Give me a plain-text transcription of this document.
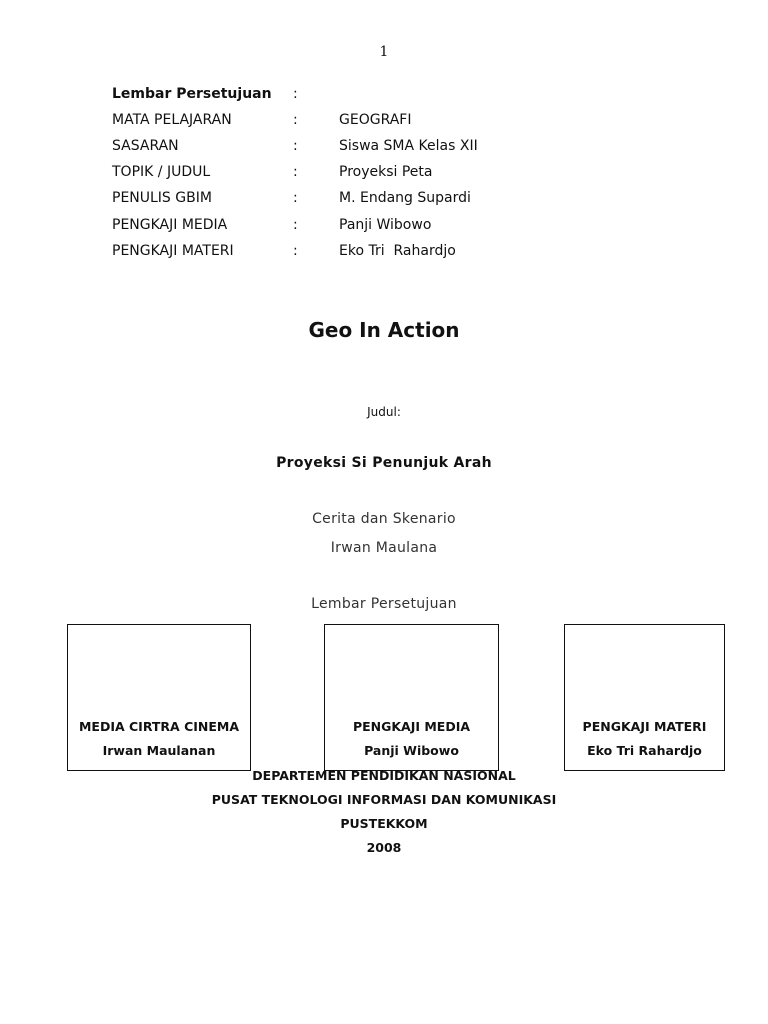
1
Lembar Persetujuan :
MATA PELAJARAN	:	GEOGRAFI
SASARAN	:	Siswa SMA Kelas XII
TOPIK / JUDUL	:	Proyeksi Peta
PENULIS GBIM	:	M. Endang Supardi
PENGKAJI MEDIA	:	Panji Wibowo
PENGKAJI MATERI	:	Eko Tri  Rahardjo
Geo In Action
Judul:
Proyeksi Si Penunjuk Arah
Cerita dan Skenario
Irwan Maulana
Lembar Persetujuan
MEDIA CIRTRA CINEMA
Irwan Maulanan
PENGKAJI MEDIA
Panji Wibowo
PENGKAJI MATERI
Eko Tri Rahardjo
DEPARTEMEN PENDIDIKAN NASIONAL
PUSAT TEKNOLOGI INFORMASI DAN KOMUNIKASI
PUSTEKKOM
2008
